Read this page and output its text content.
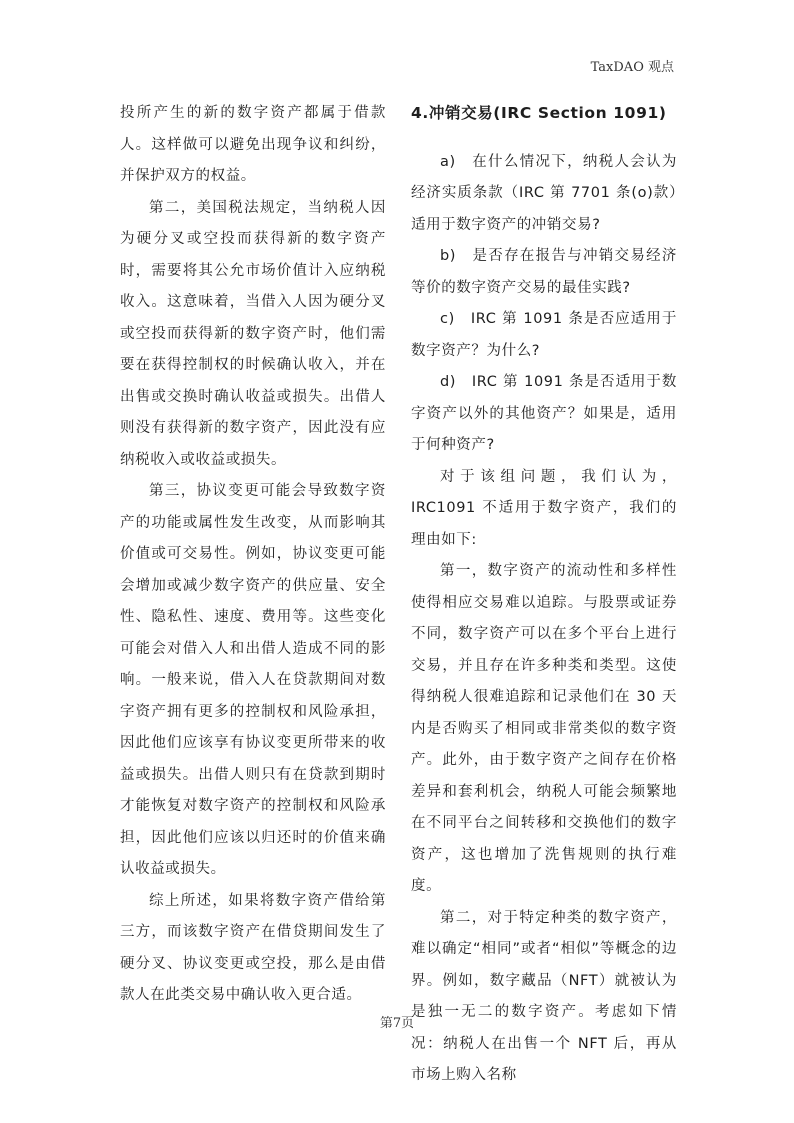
TaxDAO 观点

投所产生的新的数字资产都属于借款人。这样做可以避免出现争议和纠纷，并保护双方的权益。

第二，美国税法规定，当纳税人因为硬分叉或空投而获得新的数字资产时，需要将其公允市场价值计入应纳税收入。这意味着，当借入人因为硬分叉或空投而获得新的数字资产时，他们需要在获得控制权的时候确认收入，并在出售或交换时确认收益或损失。出借人则没有获得新的数字资产，因此没有应纳税收入或收益或损失。

第三，协议变更可能会导致数字资产的功能或属性发生改变，从而影响其价值或可交易性。例如，协议变更可能会增加或减少数字资产的供应量、安全性、隐私性、速度、费用等。这些变化可能会对借入人和出借人造成不同的影响。一般来说，借入人在贷款期间对数字资产拥有更多的控制权和风险承担，因此他们应该享有协议变更所带来的收益或损失。出借人则只有在贷款到期时才能恢复对数字资产的控制权和风险承担，因此他们应该以归还时的价值来确认收益或损失。

综上所述，如果将数字资产借给第三方，而该数字资产在借贷期间发生了硬分叉、协议变更或空投，那么是由借款人在此类交易中确认收入更合适。

4.冲销交易(IRC Section 1091)

a)　在什么情况下，纳税人会认为经济实质条款（IRC 第 7701 条(o)款）适用于数字资产的冲销交易?

b)　是否存在报告与冲销交易经济等价的数字资产交易的最佳实践?

c)　IRC 第 1091 条是否应适用于数字资产？为什么?

d)　IRC 第 1091 条是否适用于数字资产以外的其他资产？如果是，适用于何种资产?

对于该组问题，我们认为，IRC1091 不适用于数字资产，我们的理由如下:

第一，数字资产的流动性和多样性使得相应交易难以追踪。与股票或证券不同，数字资产可以在多个平台上进行交易，并且存在许多种类和类型。这使得纳税人很难追踪和记录他们在 30 天内是否购买了相同或非常类似的数字资产。此外，由于数字资产之间存在价格差异和套利机会，纳税人可能会频繁地在不同平台之间转移和交换他们的数字资产，这也增加了洗售规则的执行难度。

第二，对于特定种类的数字资产，难以确定“相同”或者“相似”等概念的边界。例如，数字藏品（NFT）就被认为是独一无二的数字资产。考虑如下情况：纳税人在出售一个 NFT 后，再从市场上购入名称

第7页
